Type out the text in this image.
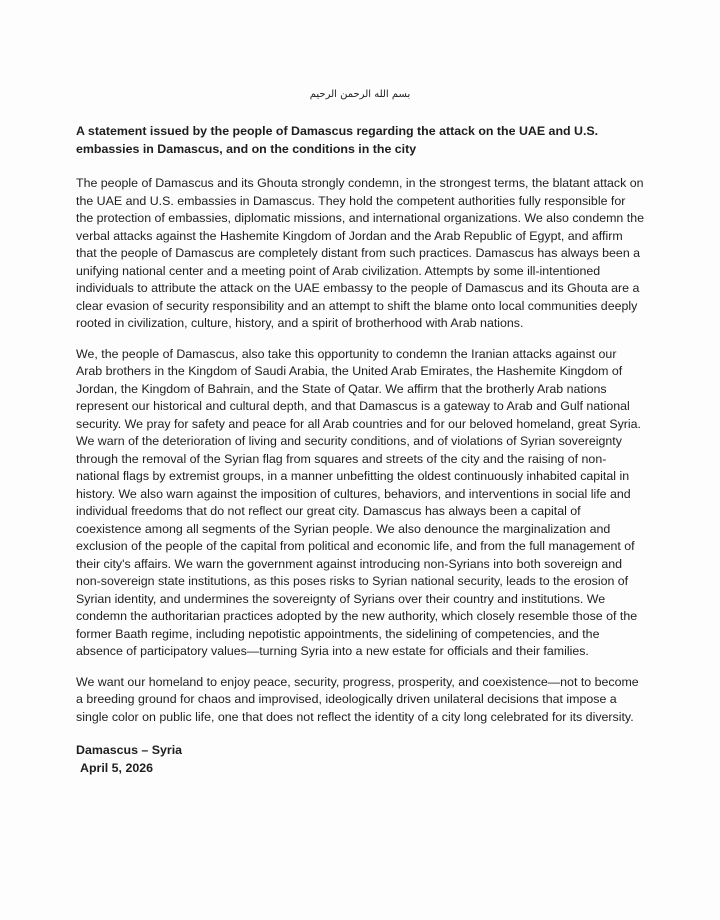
بسم الله الرحمن الرحيم
A statement issued by the people of Damascus regarding the attack on the UAE and U.S. embassies in Damascus, and on the conditions in the city

The people of Damascus and its Ghouta strongly condemn, in the strongest terms, the blatant attack on the UAE and U.S. embassies in Damascus. They hold the competent authorities fully responsible for the protection of embassies, diplomatic missions, and international organizations. We also condemn the verbal attacks against the Hashemite Kingdom of Jordan and the Arab Republic of Egypt, and affirm that the people of Damascus are completely distant from such practices. Damascus has always been a unifying national center and a meeting point of Arab civilization. Attempts by some ill-intentioned individuals to attribute the attack on the UAE embassy to the people of Damascus and its Ghouta are a clear evasion of security responsibility and an attempt to shift the blame onto local communities deeply rooted in civilization, culture, history, and a spirit of brotherhood with Arab nations.

We, the people of Damascus, also take this opportunity to condemn the Iranian attacks against our Arab brothers in the Kingdom of Saudi Arabia, the United Arab Emirates, the Hashemite Kingdom of Jordan, the Kingdom of Bahrain, and the State of Qatar. We affirm that the brotherly Arab nations represent our historical and cultural depth, and that Damascus is a gateway to Arab and Gulf national security. We pray for safety and peace for all Arab countries and for our beloved homeland, great Syria. We warn of the deterioration of living and security conditions, and of violations of Syrian sovereignty through the removal of the Syrian flag from squares and streets of the city and the raising of non-national flags by extremist groups, in a manner unbefitting the oldest continuously inhabited capital in history. We also warn against the imposition of cultures, behaviors, and interventions in social life and individual freedoms that do not reflect our great city. Damascus has always been a capital of coexistence among all segments of the Syrian people. We also denounce the marginalization and exclusion of the people of the capital from political and economic life, and from the full management of their city's affairs. We warn the government against introducing non-Syrians into both sovereign and non-sovereign state institutions, as this poses risks to Syrian national security, leads to the erosion of Syrian identity, and undermines the sovereignty of Syrians over their country and institutions. We condemn the authoritarian practices adopted by the new authority, which closely resemble those of the former Baath regime, including nepotistic appointments, the sidelining of competencies, and the absence of participatory values—turning Syria into a new estate for officials and their families.

We want our homeland to enjoy peace, security, progress, prosperity, and coexistence—not to become a breeding ground for chaos and improvised, ideologically driven unilateral decisions that impose a single color on public life, one that does not reflect the identity of a city long celebrated for its diversity.

Damascus – Syria
April 5, 2026
